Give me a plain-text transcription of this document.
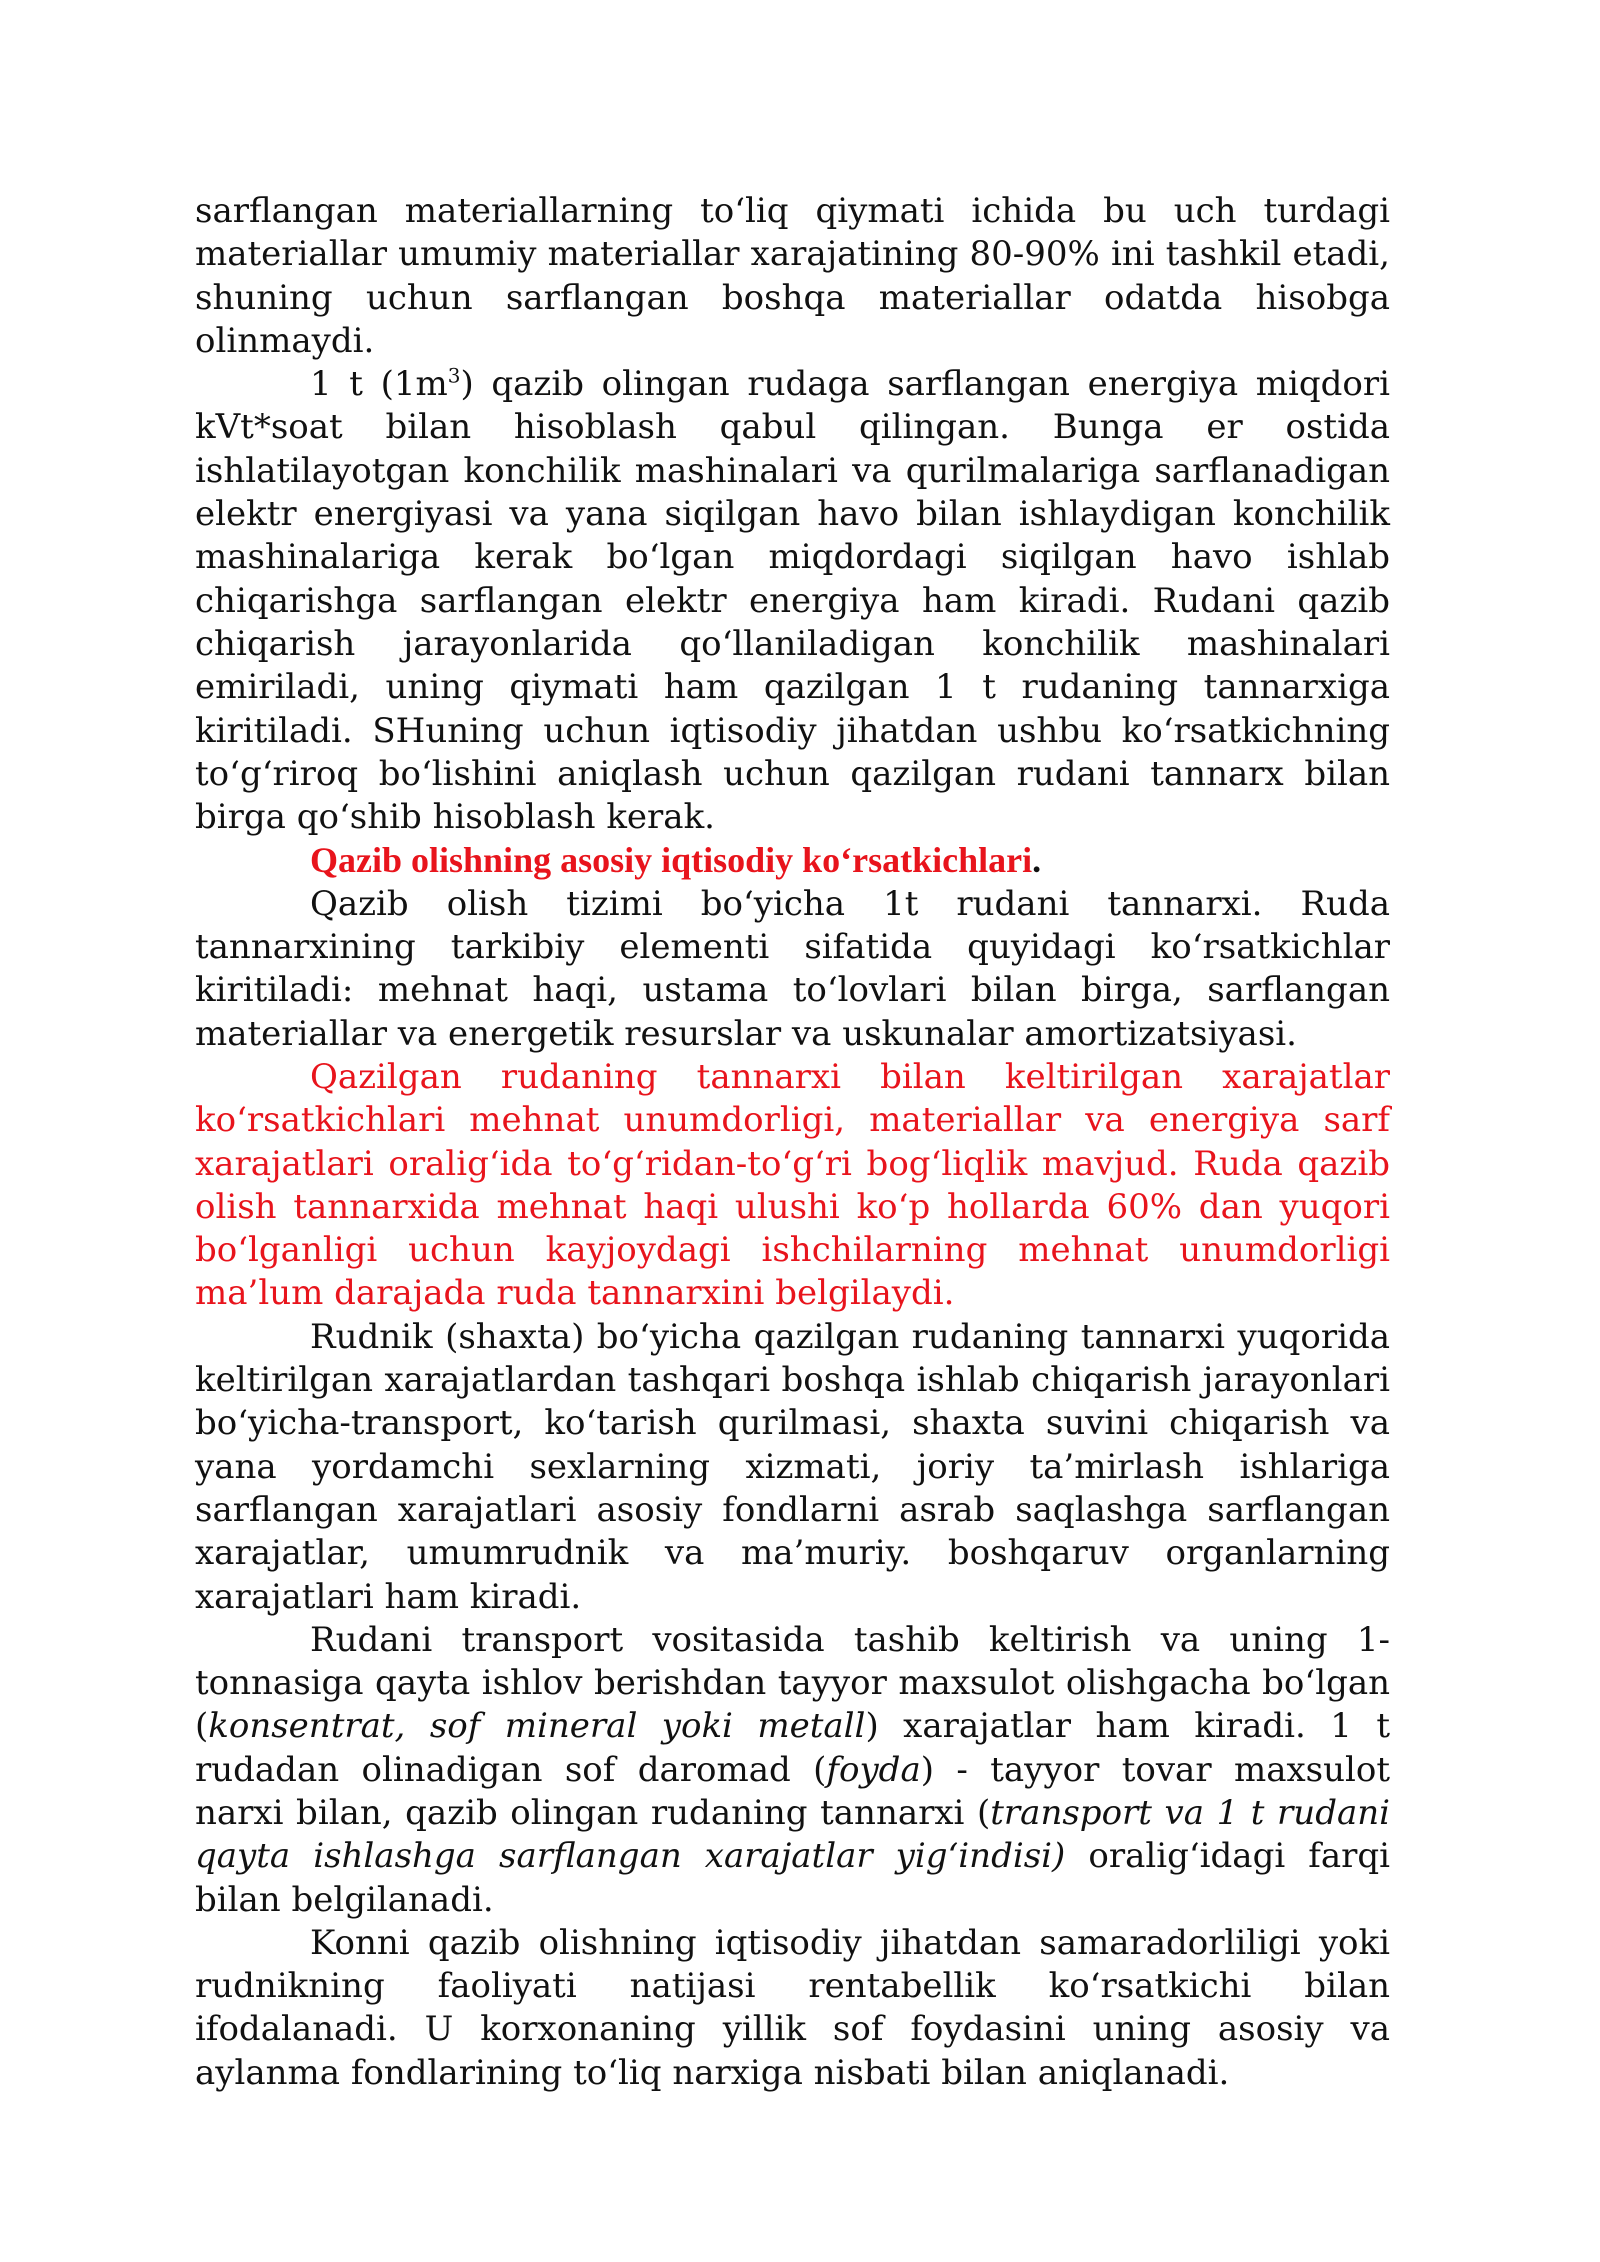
sarflangan materiallarning to‘liq qiymati ichida bu uch turdagi materiallar umumiy materiallar xarajatining 80-90% ini tashkil etadi, shuning uchun sarflangan boshqa materiallar odatda hisobga olinmaydi.

1 t $(1m^3)$ qazib olingan rudaga sarflangan energiya miqdori kVt*soat bilan hisoblash qabul qilingan. Bunga er ostida ishlatilayotgan konchilik mashinalari va qurilmalariga sarflanadigan elektr energiyasi va yana siqilgan havo bilan ishlaydigan konchilik mashinalariga kerak bo‘lgan miqdordagi siqilgan havo ishlab chiqarishga sarflangan elektr energiya ham kiradi. Rudani qazib chiqarish jarayonlarida qo‘llaniladigan konchilik mashinalari emiriladi, uning qiymati ham qazilgan 1 t rudaning tannarxiga kiritiladi. SHuning uchun iqtisodiy jihatdan ushbu ko‘rsatkichning to‘g‘riroq bo‘lishini aniqlash uchun qazilgan rudani tannarx bilan birga qo‘shib hisoblash kerak.

Qazib olishning asosiy iqtisodiy ko‘rsatkichlari.

Qazib olish tizimi bo‘yicha 1t rudani tannarxi. Ruda tannarxining tarkibiy elementi sifatida quyidagi ko‘rsatkichlar kiritiladi: mehnat haqi, ustama to‘lovlari bilan birga, sarflangan materiallar va energetik resurslar va uskunalar amortizatsiyasi.

Qazilgan rudaning tannarxi bilan keltirilgan xarajatlar ko‘rsatkichlari mehnat unumdorligi, materiallar va energiya sarf xarajatlari oralig‘ida to‘g‘ridan-to‘g‘ri bog‘liqlik mavjud. Ruda qazib olish tannarxida mehnat haqi ulushi ko‘p hollarda 60% dan yuqori bo‘lganligi uchun kayjoydagi ishchilarning mehnat unumdorligi ma’lum darajada ruda tannarxini belgilaydi.

Rudnik (shaxta) bo‘yicha qazilgan rudaning tannarxi yuqorida keltirilgan xarajatlardan tashqari boshqa ishlab chiqarish jarayonlari bo‘yicha-transport, ko‘tarish qurilmasi, shaxta suvini chiqarish va yana yordamchi sexlarning xizmati, joriy ta’mirlash ishlariga sarflangan xarajatlari asosiy fondlarni asrab saqlashga sarflangan xarajatlar, umumrudnik va ma’muriy. boshqaruv organlarning xarajatlari ham kiradi.

Rudani transport vositasida tashib keltirish va uning 1-tonnasiga qayta ishlov berishdan tayyor maxsulot olishgacha bo‘lgan (konsentrat, sof mineral yoki metall) xarajatlar ham kiradi. 1 t rudadan olinadigan sof daromad (foyda) - tayyor tovar maxsulot narxi bilan, qazib olingan rudaning tannarxi (transport va 1 t rudani qayta ishlashga sarflangan xarajatlar yig‘indisi) oralig‘idagi farqi bilan belgilanadi.

Konni qazib olishning iqtisodiy jihatdan samaradorliligi yoki rudnikning faoliyati natijasi rentabellik ko‘rsatkichi bilan ifodalanadi. U korxonaning yillik sof foydasini uning asosiy va aylanma fondlarining to‘liq narxiga nisbati bilan aniqlanadi.
